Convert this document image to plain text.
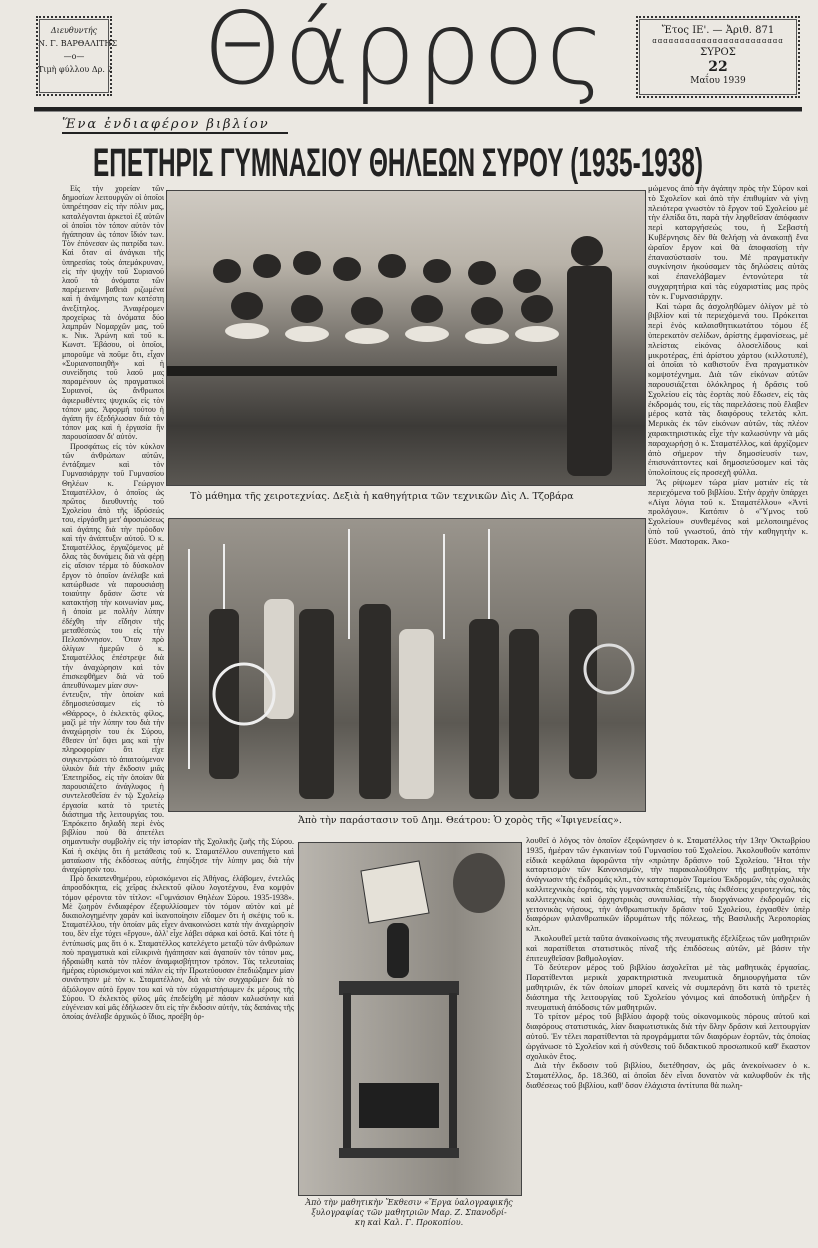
Διευθυντής
Ν. Γ. ΒΑΡΘΑΛΙΤΗΣ
—ο—
Τιμὴ φύλλου Δρ. 2 Θάρρος	Ἔτος ΙΕ'. — Ἀριθ. 871
ɑɑɑɑɑɑɑɑɑɑɑɑɑɑɑɑɑɑɑɑɑɑɑɑ
ΣΥΡΟΣ
22
Μαΐου 1939
Ἕνα ἐνδιαφέρον βιβλίον
ΕΠΕΤΗΡΙΣ ΓΥΜΝΑΣΙΟΥ ΘΗΛΕΩΝ ΣΥΡΟΥ (1935-1938)

Εἰς τὴν χορείαν τῶν δημοσίων λειτουργῶν οἱ ὁποῖοι ὑπηρέτησαν εἰς τὴν πόλιν μας, καταλέγονται ἀρκετοὶ ἐξ αὐτῶν οἱ ὁποῖοι τὸν τόπον αὐτὸν τὸν ἠγάπησαν ὡς τόπον ἴδιόν των. Τὸν ἐπόνεσαν ὡς πατρίδα των. Καὶ ὅταν αἱ ἀνάγκαι τῆς ὑπηρεσίας τοὺς ἀπεμάκρυναν, εἰς τὴν ψυχὴν τοῦ Συριανοῦ λαοῦ τὰ ὀνόματα τῶν παρέμειναν βαθειὰ ριζωμένα καὶ ἡ ἀνάμνησις των κατέστη ἀνεξίτηλος. Ἀναφέρομεν προχείρως τὰ ὀνόματα δύο λαμπρῶν Νομαρχῶν μας, τοῦ κ. Νικ. Ἀρώνη καὶ τοῦ κ. Κωνστ. Ἐβάσου, οἱ ὁποῖοι, μποροῦμε νὰ ποῦμε ὅτι, εἶχαν «Συριανοποιηθῆ» καὶ ἡ συνείδησις τοῦ λαοῦ μας παραμένουν ὡς πραγματικοὶ Συριανοί, ὡς ἄνθρωποι ἀφιερωθέντες ψυχικῶς εἰς τὸν τόπον μας. Ἀφορμὴ τούτου ἡ ἀγάπη ἣν ἐξεδήλωσαν διὰ τὸν τόπον μας καὶ ἡ ἐργασία ἣν παρουσίασαν δι' αὐτόν.

Προσφάτως εἰς τὸν κύκλον τῶν ἀνθρώπων αὐτῶν, ἐντάξαμεν καὶ τὸν Γυμνασιάρχην τοῦ Γυμνασίου Θηλέων κ. Γεώργιον Σταματέλλον, ὁ ὁποῖος ὡς πρῶτος διευθυντὴς τοῦ Σχολείου ἀπὸ τῆς ἱδρύσεώς του, εἰργάσθη μετ' ἀφοσιώσεως καὶ ἀγάπης διὰ τὴν πρόοδον καὶ τὴν ἀνάπτυξιν αὐτοῦ. Ὁ κ. Σταματέλλος, ἐργαζόμενος μὲ ὅλας τὰς δυνάμεις διὰ νὰ φέρῃ εἰς αἴσιον τέρμα τὸ δύσκολον ἔργον τὸ ὁποῖον ἀνέλαβε καὶ κατώρθωσε νὰ παρουσιάσῃ τοιαύτην δρᾶσιν ὥστε νὰ κατακτήσῃ τὴν κοινωνίαν μας, ἡ ὁποία με πολλὴν λύπην ἐδέχθη τὴν εἴδησιν τῆς μεταθέσεώς του εἰς τὴν Πελοπόννησον. Ὅταν πρὸ ὀλίγων ἡμερῶν ὁ κ. Σταματέλλος ἐπέστρεψε διὰ τὴν ἀναχώρησιν καὶ τὸν ἐπισκεφθῆμεν διὰ νὰ τοῦ ἀπευθύνωμεν μίαν συν-

έντευξιν, τὴν ὁποίαν καὶ ἐδημοσιεύσαμεν εἰς τὸ «Θάρρος», ὁ ἐκλεκτὸς φίλος, μαζὶ μὲ τὴν λύπην του διὰ τὴν ἀναχώρησίν του ἐκ Σύρου, ἔθεσεν ὑπ' ὄψει μας καὶ τὴν πληροφορίαν ὅτι εἶχε συγκεντρώσει τὸ ἀπαιτούμενον ὑλικὸν διὰ τὴν ἔκδοσιν μιᾶς Ἐπετηρίδος, εἰς τὴν ὁποίαν θὰ παρουσιάζετο ἀνάγλυφος ἡ συντελεσθεῖσα ἐν τῷ Σχολείῳ ἐργασία κατὰ τὸ τριετὲς διάστημα τῆς λειτουργίας του. Ἐπρόκειτο δηλαδὴ περὶ ἑνὸς βιβλίου ποὺ θὰ ἀπετέλει σημαντικὴν συμβολὴν εἰς τὴν ἱστορίαν τῆς Σχολικῆς ζωῆς τῆς Σύρου. Καὶ ἡ σκέψις ὅτι ἡ μετάθεσις τοῦ κ. Σταματέλλου συνεπήγετο καὶ ματαίωσιν τῆς ἐκδόσεως αὐτῆς, ἐπηύξησε τὴν λύπην μας διὰ τὴν ἀναχώρησίν του.

Πρὸ δεκαπενθημέρου, εὑρισκόμενοι εἰς Ἀθήνας, ἐλάβομεν, ἐντελῶς ἀπροσδόκητα, εἰς χεῖρας ἐκλεκτοῦ φίλου λογοτέχνου, ἕνα κομψὸν τόμον φέροντα τὸν τίτλον: «Γυμνάσιον Θηλέων Σύρου. 1935-1938». Μὲ ζωηρὸν ἐνδιαφέρον ἐξεφυλλίσαμεν τὸν τόμον αὐτὸν καὶ μὲ δικαιολογημένην χαρὰν καὶ ἱκανοποίησιν εἴδαμεν ὅτι ἡ σκέψις τοῦ κ. Σταματέλλου, τὴν ὁποίαν μᾶς εἶχεν ἀνακοινώσει κατὰ τὴν ἀναχώρησίν του, δὲν εἶχε τύχει «ἔργου», ἀλλ' εἶχε λάβει σάρκα καὶ ὀστᾶ. Καὶ τότε ἡ ἐντύπωσίς μας ὅτι ὁ κ. Σταματέλλος κατελέγετο μεταξὺ τῶν ἀνθρώπων ποὺ πραγματικὰ καὶ εἰλικρινὰ ἠγάπησαν καὶ ἀγαποῦν τὸν τόπον μας, ἠδραιώθη κατὰ τὸν πλέον ἀναμφισβήτητον τρόπον. Τὰς τελευταίας ἡμέρας εὑρισκόμενοι καὶ πάλιν εἰς τὴν Πρωτεύουσαν ἐπεδιώξαμεν μίαν συνάντησιν μὲ τὸν κ. Σταματέλλον, διὰ νὰ τὸν συγχαρῶμεν διὰ τὸ ἀξιόλογον αὐτὸ ἔργον του καὶ νὰ τὸν εὐχαριστήσωμεν ἐκ μέρους τῆς Σύρου. Ὁ ἐκλεκτὸς φίλος μᾶς ἐπεδείχθη μὲ πάσαν καλωσύνην καὶ εὐγένειαν καὶ μᾶς ἐδήλωσεν ὅτι εἰς τὴν ἔκδοσιν αὐτήν, τὰς δαπάνας τῆς ὁποίας ἀνέλαβε ἀρχικῶς ὁ ἴδιος, προέβη ὁρ-

Τὸ μάθημα τῆς χειροτεχνίας. Δεξιὰ ἡ καθηγήτρια τῶν τεχνικῶν Δὶς Λ. Τζοβάρα

μώμενος ἀπὸ τὴν ἀγάπην πρὸς τὴν Σύρον καὶ τὸ Σχολεῖον καὶ ἀπὸ τὴν ἐπιθυμίαν νὰ γίνῃ πλειότερα γνωστὸν τὸ ἔργον τοῦ Σχολείου μὲ τὴν ἐλπίδα ὅτι, παρὰ τὴν ληφθεῖσαν ἀπόφασιν περὶ καταργήσεώς του, ἡ Σεβαστὴ Κυβέρνησις δὲν θὰ θελήσῃ νὰ ἀνακοπῇ ἕνα ὡραῖον ἔργον καὶ θὰ ἀποφασίσῃ τὴν ἐπανασύστασίν του. Μὲ πραγματικὴν συγκίνησιν ἠκούσαμεν τὰς δηλώσεις αὐτὰς καὶ ἐπανελάβαμεν ἐντονώτερα τὰ συγχαρητήρια καὶ τὰς εὐχαριστίας μας πρὸς τὸν κ. Γυμνασιάρχην.

Καὶ τώρα ἂς ἀσχοληθῶμεν ὀλίγον μὲ τὸ βιβλίον καὶ τὰ περιεχόμενά του. Πρόκειται περὶ ἑνὸς καλαισθητικωτάτου τόμου ἐξ ὑπερεκατὸν σελίδων, ἀρίστης ἐμφανίσεως, μὲ πλείστας εἰκόνας ὁλοσελίδους καὶ μικροτέρας, ἐπὶ ἀρίστου χάρτου (κιλλοτυπέ), αἱ ὁποῖαι τὸ καθιστοῦν ἕνα πραγματικὸν κομψοτέχνημα. Διὰ τῶν εἰκόνων αὐτῶν παρουσιάζεται ὁλόκληρος ἡ δρᾶσις τοῦ Σχολείου εἰς τὰς ἑορτὰς ποὺ ἔδωσεν, εἰς τὰς ἐκδρομάς του, εἰς τὰς παρελάσεις ποὺ ἔλαβεν μέρος κατὰ τὰς διαφόρους τελετὰς κλπ. Μερικὰς ἐκ τῶν εἰκόνων αὐτῶν, τὰς πλέον χαρακτηριστικὰς εἶχε τὴν καλωσύνην νὰ μᾶς παραχωρήσῃ ὁ κ. Σταματέλλος, καὶ ἀρχίζομεν ἀπὸ σήμερον τὴν δημοσίευσίν των, ἐπισυνάπτοντες καὶ δημοσιεύσομεν καὶ τὰς ὑπολοίπους εἰς προσεχῆ φύλλα.

Ἂς ρίψωμεν τώρα μίαν ματιὰν εἰς τὰ περιεχόμενα τοῦ βιβλίου. Στὴν ἀρχὴν ὑπάρχει «Λίγα λόγια τοῦ κ. Σταματέλλου» «Ἀντὶ προλόγου». Κατόπιν ὁ «Ὕμνος τοῦ Σχολείου» συνθεμένος καὶ μελοποιημένος ὑπὸ τοῦ γνωστοῦ, ἀπὸ τὴν καθηγητὴν κ. Εὐστ. Μαστορακ. Ἀκο-

Ἀπὸ τὴν παράστασιν τοῦ Δημ. Θεάτρου: Ὁ χορὸς τῆς «Ἰφιγενείας».
Ἀπὸ τὴν μαθητικὴν Ἔκθεσιν «Ἔργα ὑαλογραφικῆς
ξυλογραφίας τῶν μαθητριῶν Μαρ. Ζ. Σπανοδρί-
κη καὶ Καλ. Γ. Προκοπίου.

λουθεῖ ὁ λόγος τὸν ὁποῖον ἐξεφώνησεν ὁ κ. Σταματέλλος τὴν 13ην Ὀκτωβρίου 1935, ἡμέραν τῶν ἐγκαινίων τοῦ Γυμνασίου τοῦ Σχολείου. Ἀκολουθοῦν κατόπιν εἰδικὰ κεφάλαια ἀφορῶντα τὴν «πρώτην δρᾶσιν» τοῦ Σχολείου. Ἤτοι τὴν καταρτισμὸν τῶν Κανονισμῶν, τὴν παρακολούθησιν τῆς μαθητρίας, τὴν ἀνάγνωσιν τῆς ἐκδρομάς κλπ., τὸν καταρτισμὸν Ταμείου Ἐκδρομῶν, τὰς σχολικὰς καλλιτεχνικὰς ἑορτάς, τὰς γυμναστικὰς ἐπιδείξεις, τὰς ἐκθέσεις χειροτεχνίας, τὰς καλλιτεχνικὰς καὶ ὀρχηστρικὰς συναυλίας, τὴν διοργάνωσιν ἐκδρομῶν εἰς γειτονικὰς νήσους, τὴν ἀνθρωπιστικὴν δρᾶσιν τοῦ Σχολείου, ἐργασθὲν ὑπὲρ διαφόρων φιλανθρωπικῶν ἱδρυμάτων τῆς πόλεως, τῆς Βασιλικῆς Ἀεροπορίας κλπ.

Ἀκολουθεῖ μετὰ ταῦτα ἀνακοίνωσις τῆς πνευματικῆς ἐξελίξεως τῶν μαθητριῶν καὶ παρατίθεται στατιστικὸς πίναξ τῆς ἐπιδόσεως αὐτῶν, μὲ βάσιν τὴν ἐπιτευχθεῖσαν βαθμολογίαν.

Τὸ δεύτερον μέρος τοῦ βιβλίου ἀσχολεῖται μὲ τὰς μαθητικὰς ἐργασίας. Παρατίθενται μερικὰ χαρακτηριστικὰ πνευματικὰ δημιουργήματα τῶν μαθητριῶν, ἐκ τῶν ὁποίων μπορεῖ κανεὶς νὰ συμπεράνῃ ὅτι κατὰ τὸ τριετὲς διάστημα τῆς λειτουργίας τοῦ Σχολείου γόνιμος καὶ ἀποδοτικὴ ὑπῆρξεν ἡ πνευματικὴ ἀπόδοσις τῶν μαθητριῶν.

Τὸ τρίτον μέρος τοῦ βιβλίου ἀφορᾷ τοὺς οἰκονομικοὺς πόρους αὐτοῦ καὶ διαφόρους στατιστικάς, λίαν διαφωτιστικὰς διὰ τὴν ὅλην δρᾶσιν καὶ λειτουργίαν αὐτοῦ. Ἐν τέλει παρατίθενται τὰ προγράμματα τῶν διαφόρων ἑορτῶν, τὰς ὁποίας ὠργάνωσε τὸ Σχολεῖον καὶ ἡ σύνθεσις τοῦ διδακτικοῦ προσωπικοῦ καθ' ἕκαστον σχολικὸν ἔτος.

Διὰ τὴν ἔκδοσιν τοῦ βιβλίου, διετέθησαν, ὡς μᾶς ἀνεκοίνωσεν ὁ κ. Σταματέλλος, δρ. 18.360, αἱ ὁποῖαι δὲν εἶναι δυνατὸν νὰ καλυφθοῦν ἐκ τῆς διαθέσεως τοῦ βιβλίου, καθ' ὅσον ἐλάχιστα ἀντίτυπα θὰ πωλη-
